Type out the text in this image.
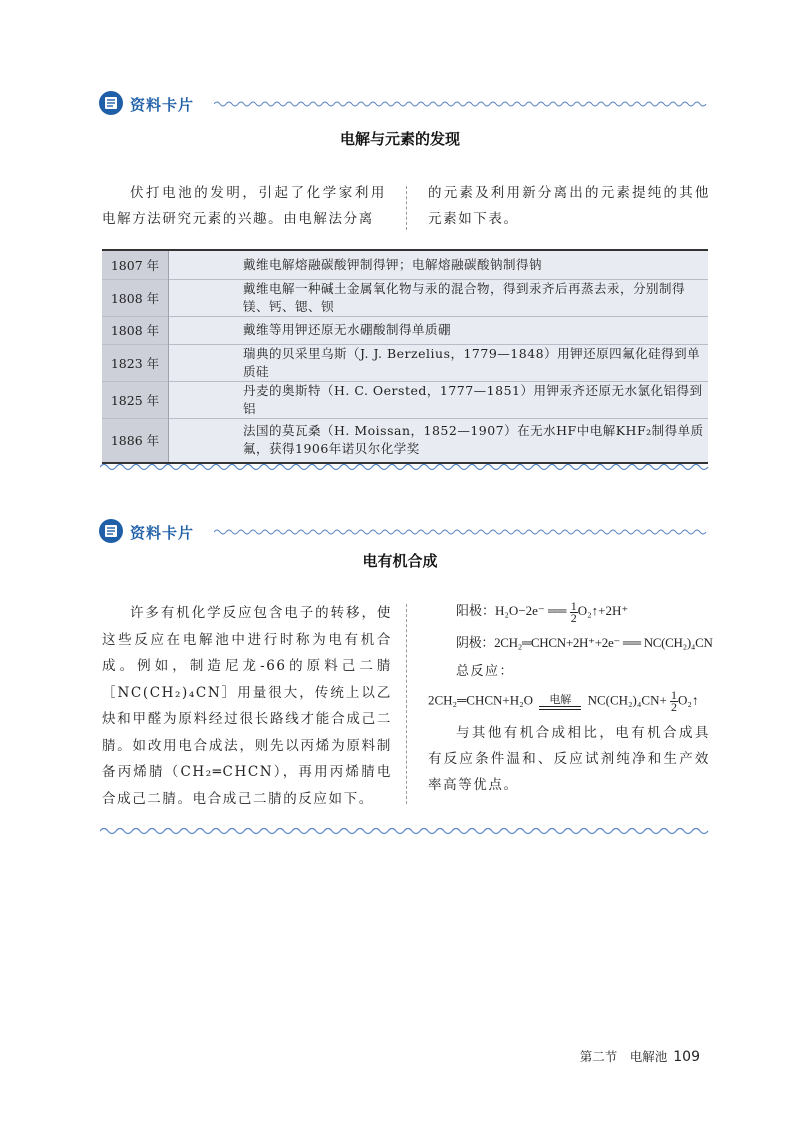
资料卡片
电解与元素的发现
伏打电池的发明，引起了化学家利用电解方法研究元素的兴趣。由电解法分离
的元素及利用新分离出的元素提纯的其他元素如下表。
1807 年	戴维电解熔融碳酸钾制得钾；电解熔融碳酸钠制得钠
1808 年	戴维电解一种碱土金属氧化物与汞的混合物，得到汞齐后再蒸去汞，分别制得镁、钙、锶、钡
1808 年	戴维等用钾还原无水硼酸制得单质硼
1823 年	瑞典的贝采里乌斯（J. J. Berzelius，1779—1848）用钾还原四氟化硅得到单质硅
1825 年	丹麦的奥斯特（H. C. Oersted，1777—1851）用钾汞齐还原无水氯化铝得到铝
1886 年	法国的莫瓦桑（H. Moissan，1852—1907）在无水HF中电解KHF₂制得单质氟，获得1906年诺贝尔化学奖
资料卡片
电有机合成
许多有机化学反应包含电子的转移，使这些反应在电解池中进行时称为电有机合成。例如，制造尼龙-66的原料己二腈［NC(CH₂)₄CN］用量很大，传统上以乙炔和甲醛为原料经过很长路线才能合成己二腈。如改用电合成法，则先以丙烯为原料制备丙烯腈（CH₂═CHCN），再用丙烯腈电合成己二腈。电合成己二腈的反应如下。
阳极：H₂O−2e⁻ ══ $\frac{1}{2}$ O₂↑+2H⁺
阴极：2CH₂═CHCN+2H⁺+2e⁻ ══ NC(CH₂)₄CN
总反应：
2CH₂═CHCN+H₂O	电解	$NC(CH_2)_4CN+ \frac{1}{2}$ O₂↑
与其他有机合成相比，电有机合成具有反应条件温和、反应试剂纯净和生产效率高等优点。

第二节　电解池 109
